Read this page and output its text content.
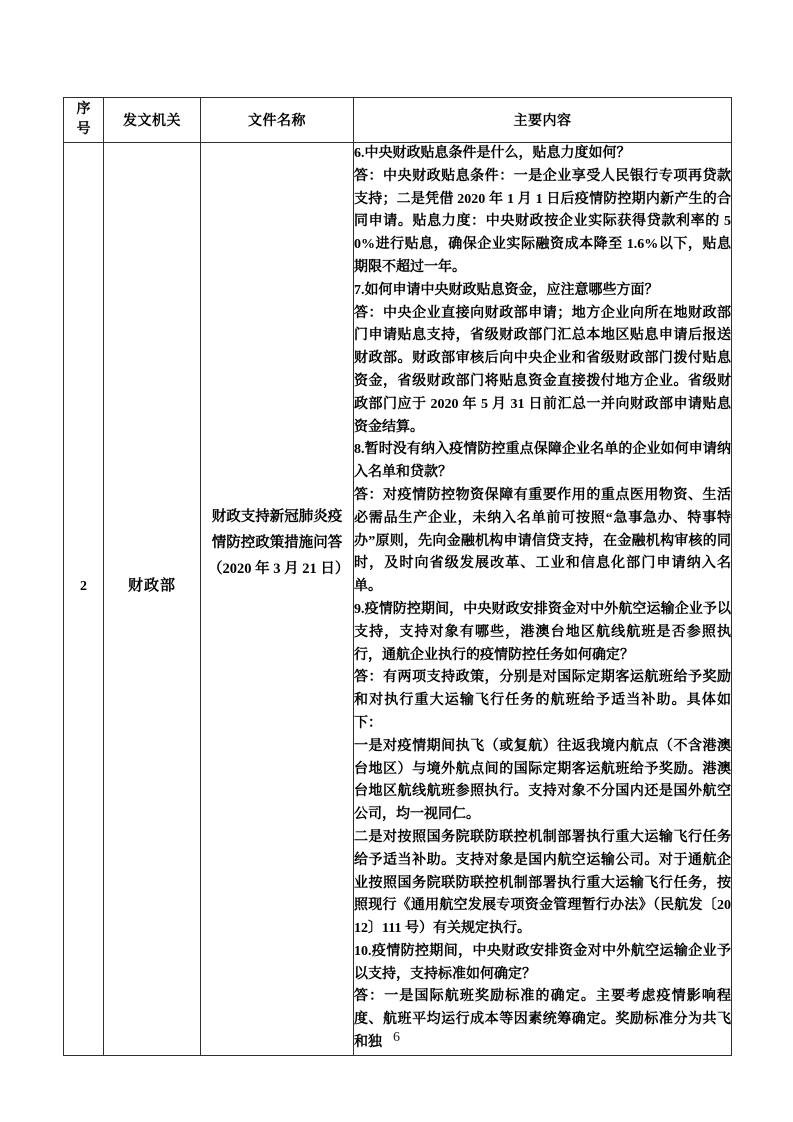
序号	发文机关	文件名称	主要内容
2	财政部	财政支持新冠肺炎疫情防控政策措施问答（2020 年 3 月 21 日）	

6.中央财政贴息条件是什么，贴息力度如何？

答：中央财政贴息条件：一是企业享受人民银行专项再贷款支持；二是凭借 2020 年 1 月 1 日后疫情防控期内新产生的合同申请。贴息力度：中央财政按企业实际获得贷款利率的 50%进行贴息，确保企业实际融资成本降至 1.6%以下，贴息期限不超过一年。

7.如何申请中央财政贴息资金，应注意哪些方面？

答：中央企业直接向财政部申请；地方企业向所在地财政部门申请贴息支持，省级财政部门汇总本地区贴息申请后报送财政部。财政部审核后向中央企业和省级财政部门拨付贴息资金，省级财政部门将贴息资金直接拨付地方企业。省级财政部门应于 2020 年 5 月 31 日前汇总一并向财政部申请贴息资金结算。

8.暂时没有纳入疫情防控重点保障企业名单的企业如何申请纳入名单和贷款？

答：对疫情防控物资保障有重要作用的重点医用物资、生活必需品生产企业，未纳入名单前可按照“急事急办、特事特办”原则，先向金融机构申请信贷支持，在金融机构审核的同时，及时向省级发展改革、工业和信息化部门申请纳入名单。

9.疫情防控期间，中央财政安排资金对中外航空运输企业予以支持，支持对象有哪些，港澳台地区航线航班是否参照执行，通航企业执行的疫情防控任务如何确定？

答：有两项支持政策，分别是对国际定期客运航班给予奖励和对执行重大运输飞行任务的航班给予适当补助。具体如下：

一是对疫情期间执飞（或复航）往返我境内航点（不含港澳台地区）与境外航点间的国际定期客运航班给予奖励。港澳台地区航线航班参照执行。支持对象不分国内还是国外航空公司，均一视同仁。

二是对按照国务院联防联控机制部署执行重大运输飞行任务给予适当补助。支持对象是国内航空运输公司。对于通航企业按照国务院联防联控机制部署执行重大运输飞行任务，按照现行《通用航空发展专项资金管理暂行办法》（民航发〔2012〕111 号）有关规定执行。

10.疫情防控期间，中央财政安排资金对中外航空运输企业予以支持，支持标准如何确定？

答：一是国际航班奖励标准的确定。主要考虑疫情影响程度、航班平均运行成本等因素统筹确定。奖励标准分为共飞和独 6
